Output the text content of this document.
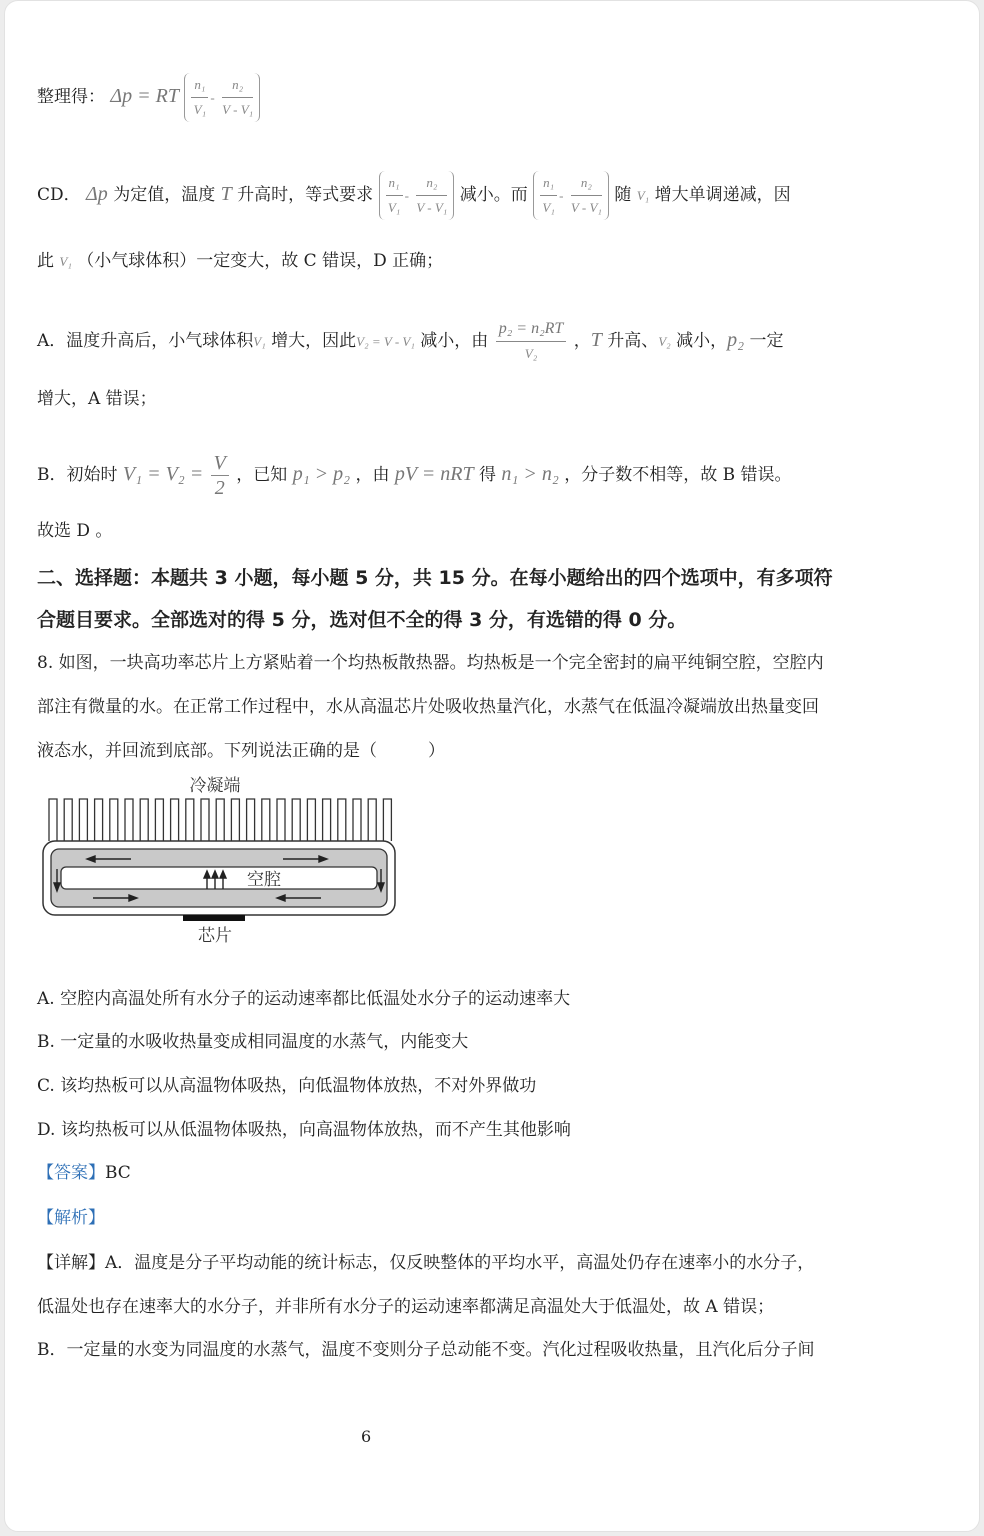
整理得： Δp = RT $\frac{\text{n₁}}{\text{V₁}} - \frac{\text{n₂}}{\text{V - V₁}}$
CD． Δp 为定值，温度 T 升高时，等式要求 $\frac{\text{n₁}}{\text{V₁}} - \frac{\text{n₂}}{\text{V - V₁}}$ 减小。而 $\frac{\text{n₁}}{\text{V₁}} - \frac{\text{n₂}}{\text{V - V₁}}$ 随 V₁ 增大单调递减，因
此 V₁ （小气球体积）一定变大，故 C 错误，D 正确；
A．温度升高后，小气球体积V₁ 增大，因此V₂ = V - V₁ 减小，由 $\frac{\text{p₂ = n₂RT}}{\text{V₂}}$ ，T 升高、V₂ 减小，p₂ 一定
增大，A 错误；
B．初始时 $V_1 = V_2 = \frac{V}{2}$ ，已知 p₁ > p₂ ，由 pV = nRT 得 n₁ > n₂ ，分子数不相等，故 B 错误。
故选 D 。
二、选择题：本题共 3 小题，每小题 5 分，共 15 分。在每小题给出的四个选项中，有多项符
合题目要求。全部选对的得 5 分，选对但不全的得 3 分，有选错的得 0 分。
8. 如图，一块高功率芯片上方紧贴着一个均热板散热器。均热板是一个完全密封的扁平纯铜空腔，空腔内
部注有微量的水。在正常工作过程中，水从高温芯片处吸收热量汽化，水蒸气在低温冷凝端放出热量变回
液态水，并回流到底部。下列说法正确的是（　　　）
冷凝端
空腔
芯片
A. 空腔内高温处所有水分子的运动速率都比低温处水分子的运动速率大
B. 一定量的水吸收热量变成相同温度的水蒸气，内能变大
C. 该均热板可以从高温物体吸热，向低温物体放热，不对外界做功
D. 该均热板可以从低温物体吸热，向高温物体放热，而不产生其他影响
【答案】BC
【解析】
【详解】A．温度是分子平均动能的统计标志，仅反映整体的平均水平，高温处仍存在速率小的水分子，
低温处也存在速率大的水分子，并非所有水分子的运动速率都满足高温处大于低温处，故 A 错误；
B．一定量的水变为同温度的水蒸气，温度不变则分子总动能不变。汽化过程吸收热量，且汽化后分子间
6
